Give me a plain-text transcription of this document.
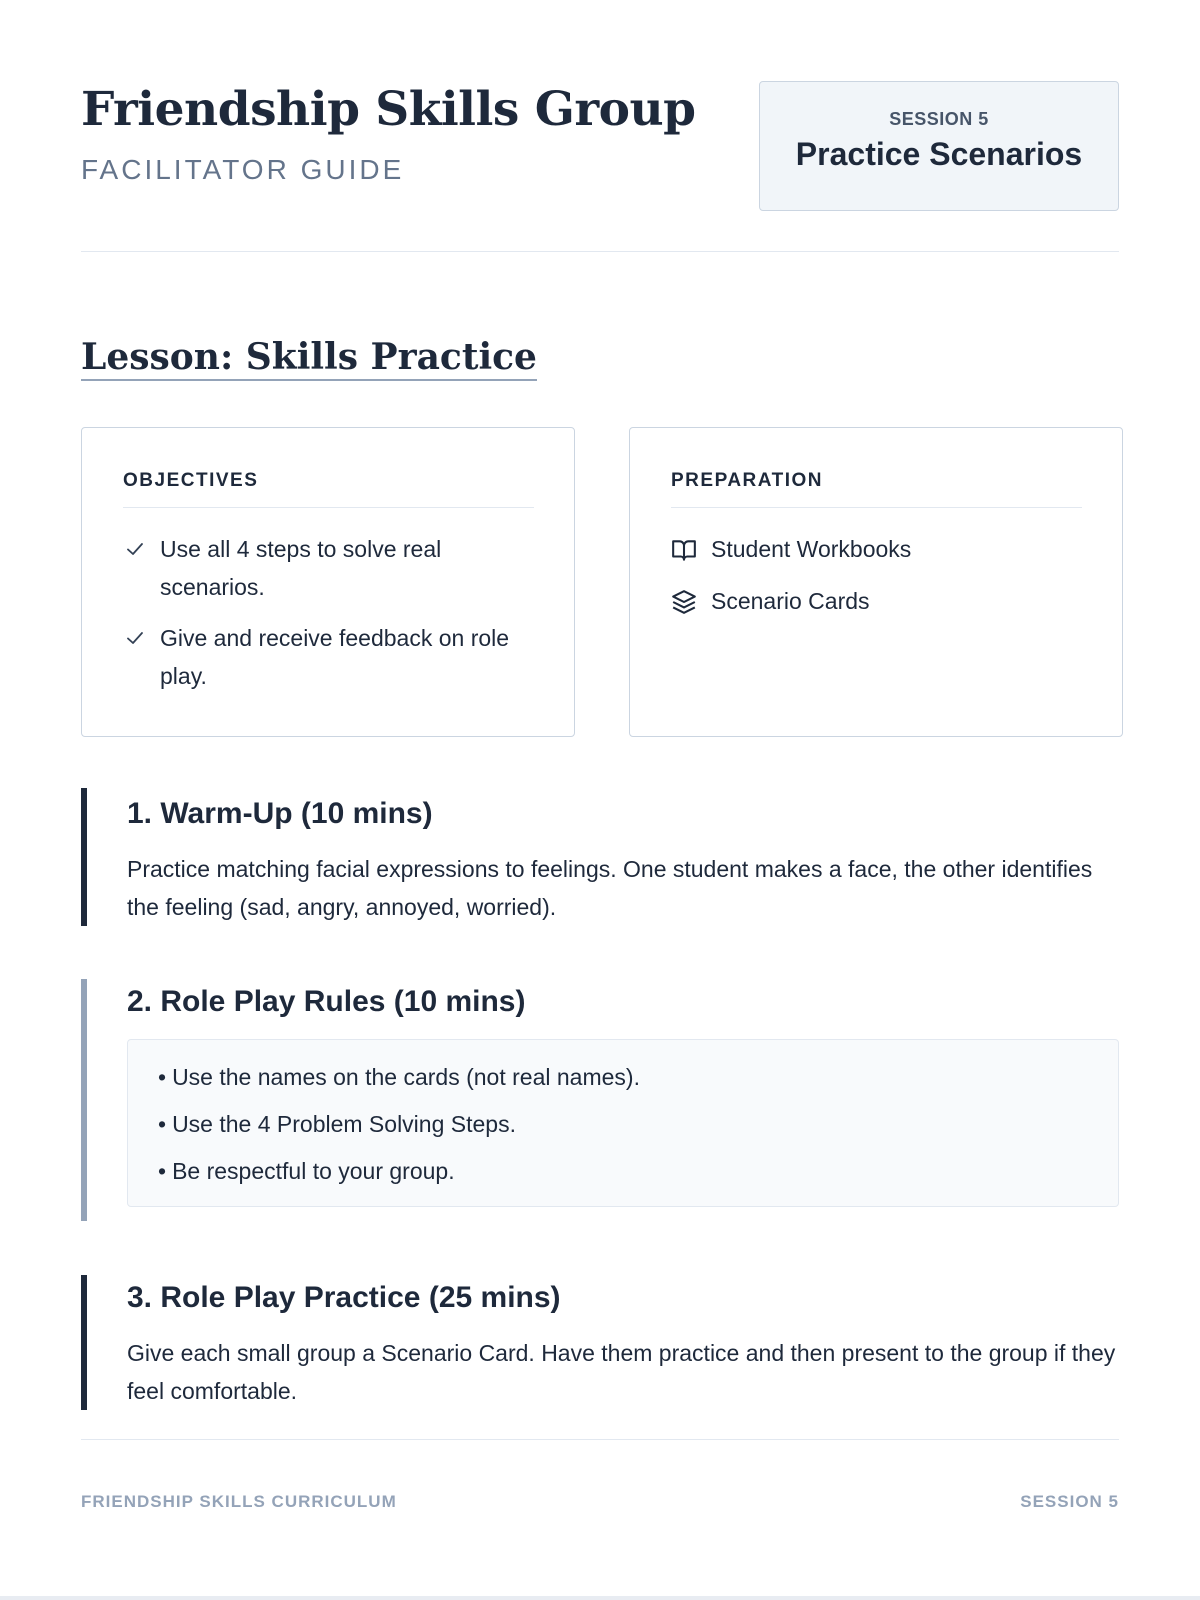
Friendship Skills Group
FACILITATOR GUIDE
SESSION 5
Practice Scenarios
Lesson: Skills Practice
OBJECTIVES
Use all 4 steps to solve real scenarios.
Give and receive feedback on role play.
PREPARATION
Student Workbooks
Scenario Cards
1. Warm-Up (10 mins)

Practice matching facial expressions to feelings. One student makes a face, the other identifies the feeling (sad, angry, annoyed, worried).

2. Role Play Rules (10 mins)
• Use the names on the cards (not real names).
• Use the 4 Problem Solving Steps.
• Be respectful to your group.
3. Role Play Practice (25 mins)

Give each small group a Scenario Card. Have them practice and then present to the group if they feel comfortable.

FRIENDSHIP SKILLS CURRICULUM	SESSION 5
